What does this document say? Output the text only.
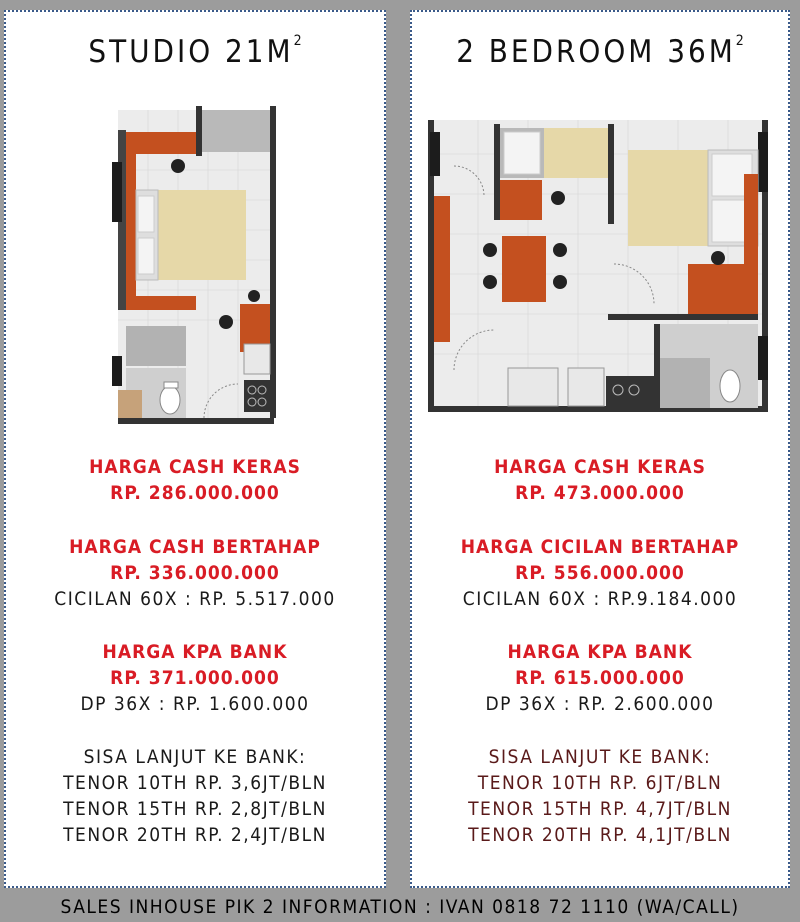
STUDIO $21M^2$
HARGA CASH KERAS
RP. 286.000.000
HARGA CASH BERTAHAP
RP. 336.000.000
CICILAN 60X : RP. 5.517.000
HARGA KPA BANK
RP. 371.000.000
DP 36X : RP. 1.600.000
SISA LANJUT KE BANK:
TENOR 10TH RP. 3,6JT/BLN
TENOR 15TH RP. 2,8JT/BLN
TENOR 20TH RP. 2,4JT/BLN
2 BEDROOM $36M^2$
HARGA CASH KERAS
RP. 473.000.000
HARGA CICILAN BERTAHAP
RP. 556.000.000
CICILAN 60X : RP.9.184.000
HARGA KPA BANK
RP. 615.000.000
DP 36X : RP. 2.600.000
SISA LANJUT KE BANK:
TENOR 10TH RP. 6JT/BLN
TENOR 15TH RP. 4,7JT/BLN
TENOR 20TH RP. 4,1JT/BLN
SALES INHOUSE PIK 2 INFORMATION : IVAN 0818 72 1110 (WA/CALL)
